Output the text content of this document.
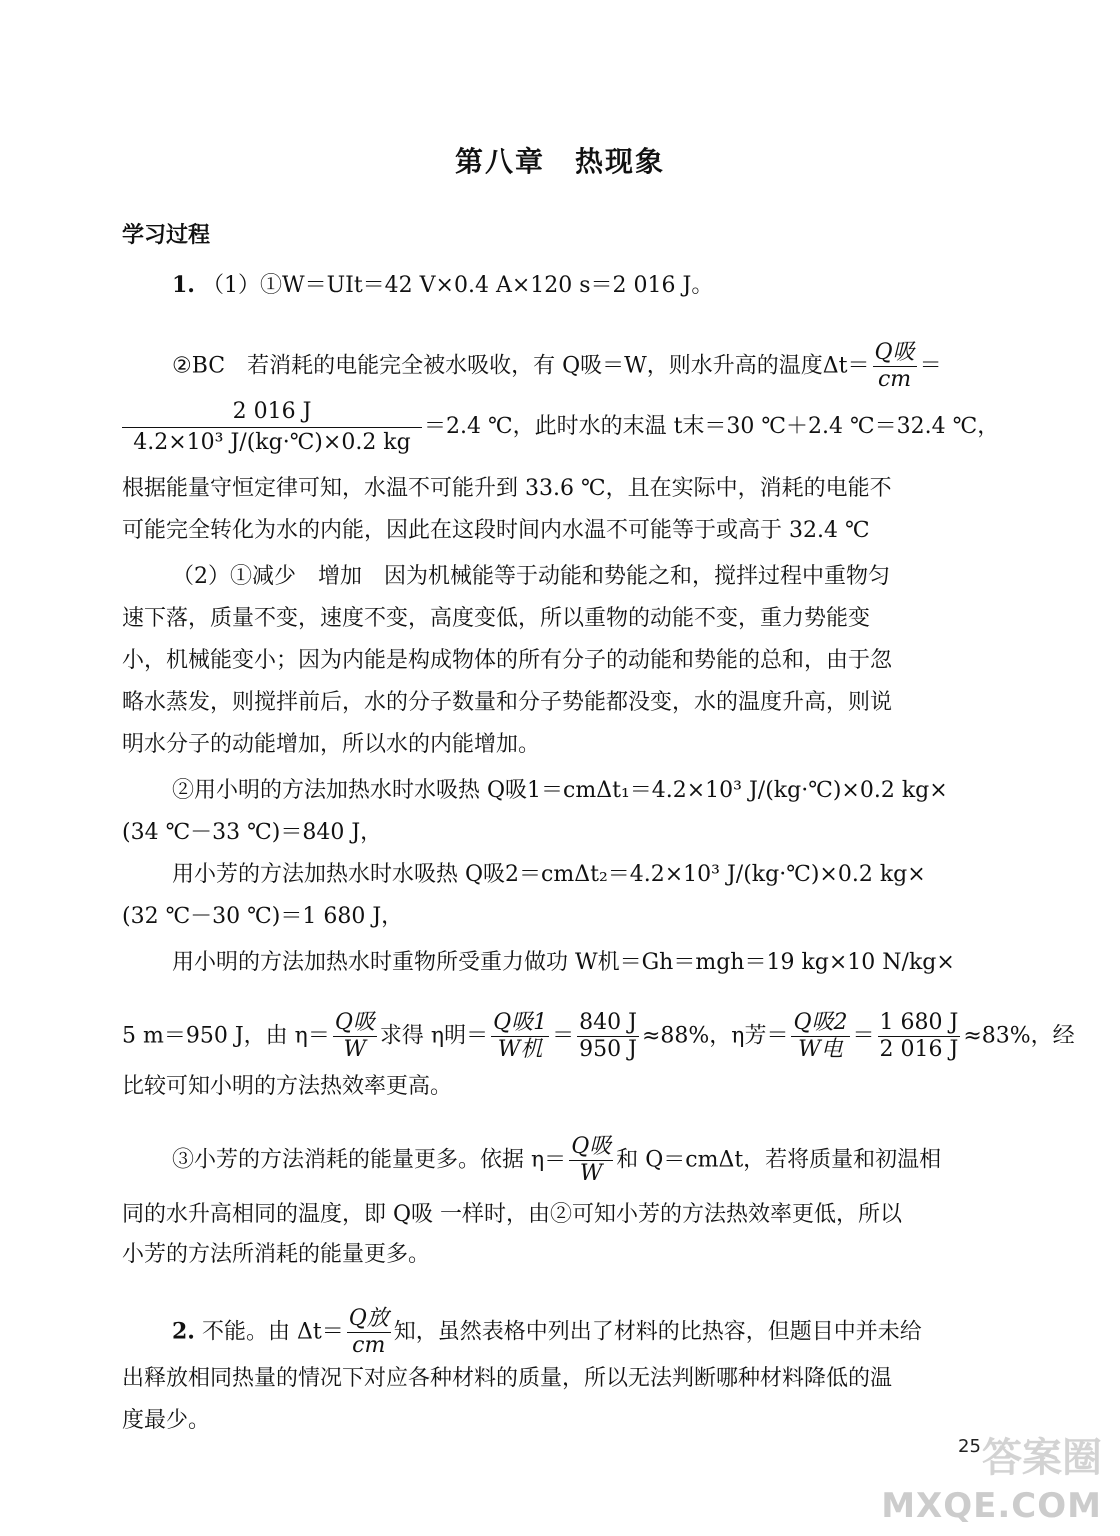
第八章　热现象
学习过程
1. （1）①W＝UIt＝42 V×0.4 A×120 s＝2 016 J。
②BC　若消耗的电能完全被水吸收，有 Q吸＝W，则水升高的温度$\Delta t= \frac{\text{Q吸}}{cm}$ ＝
$\frac{2 016 J}{\text{4.2×10³ J/(kg·℃)×0.2 kg}} =2.4$ ℃，此时水的末温 t末＝30 ℃＋2.4 ℃＝32.4 ℃，
根据能量守恒定律可知，水温不可能升到 33.6 ℃，且在实际中，消耗的电能不
可能完全转化为水的内能，因此在这段时间内水温不可能等于或高于 32.4 ℃
（2）①减少　增加　因为机械能等于动能和势能之和，搅拌过程中重物匀
速下落，质量不变，速度不变，高度变低，所以重物的动能不变，重力势能变
小，机械能变小；因为内能是构成物体的所有分子的动能和势能的总和，由于忽
略水蒸发，则搅拌前后，水的分子数量和分子势能都没变，水的温度升高，则说
明水分子的动能增加，所以水的内能增加。
②用小明的方法加热水时水吸热 Q吸1＝cmΔt₁＝4.2×10³ J/(kg·℃)×0.2 kg×
(34 ℃－33 ℃)＝840 J，
用小芳的方法加热水时水吸热 Q吸2＝cmΔt₂＝4.2×10³ J/(kg·℃)×0.2 kg×
(32 ℃－30 ℃)＝1 680 J，
用小明的方法加热水时重物所受重力做功 W机＝Gh＝mgh＝19 kg×10 N/kg×
5 m＝950 J，由 $\eta= \frac{\text{Q吸}}{W}$ 求得 η明＝ $\frac{\text{Q吸1}}{\text{W机}} = \frac{840 J}{950 J} \approx 88\%$，η芳＝ $\frac{\text{Q吸2}}{\text{W电}} = \frac{1 680 J}{2 016 J} \approx 83\%$，经
比较可知小明的方法热效率更高。
③小芳的方法消耗的能量更多。依据 $\eta= \frac{\text{Q吸}}{W}$ 和 Q＝cmΔt，若将质量和初温相
同的水升高相同的温度，即 Q吸 一样时，由②可知小芳的方法热效率更低，所以
小芳的方法所消耗的能量更多。
2. 不能。由 $\Delta t= \frac{\text{Q放}}{cm}$ 知，虽然表格中列出了材料的比热容，但题目中并未给
出释放相同热量的情况下对应各种材料的质量，所以无法判断哪种材料降低的温
度最少。
25 答案圈
MXQE.COM
